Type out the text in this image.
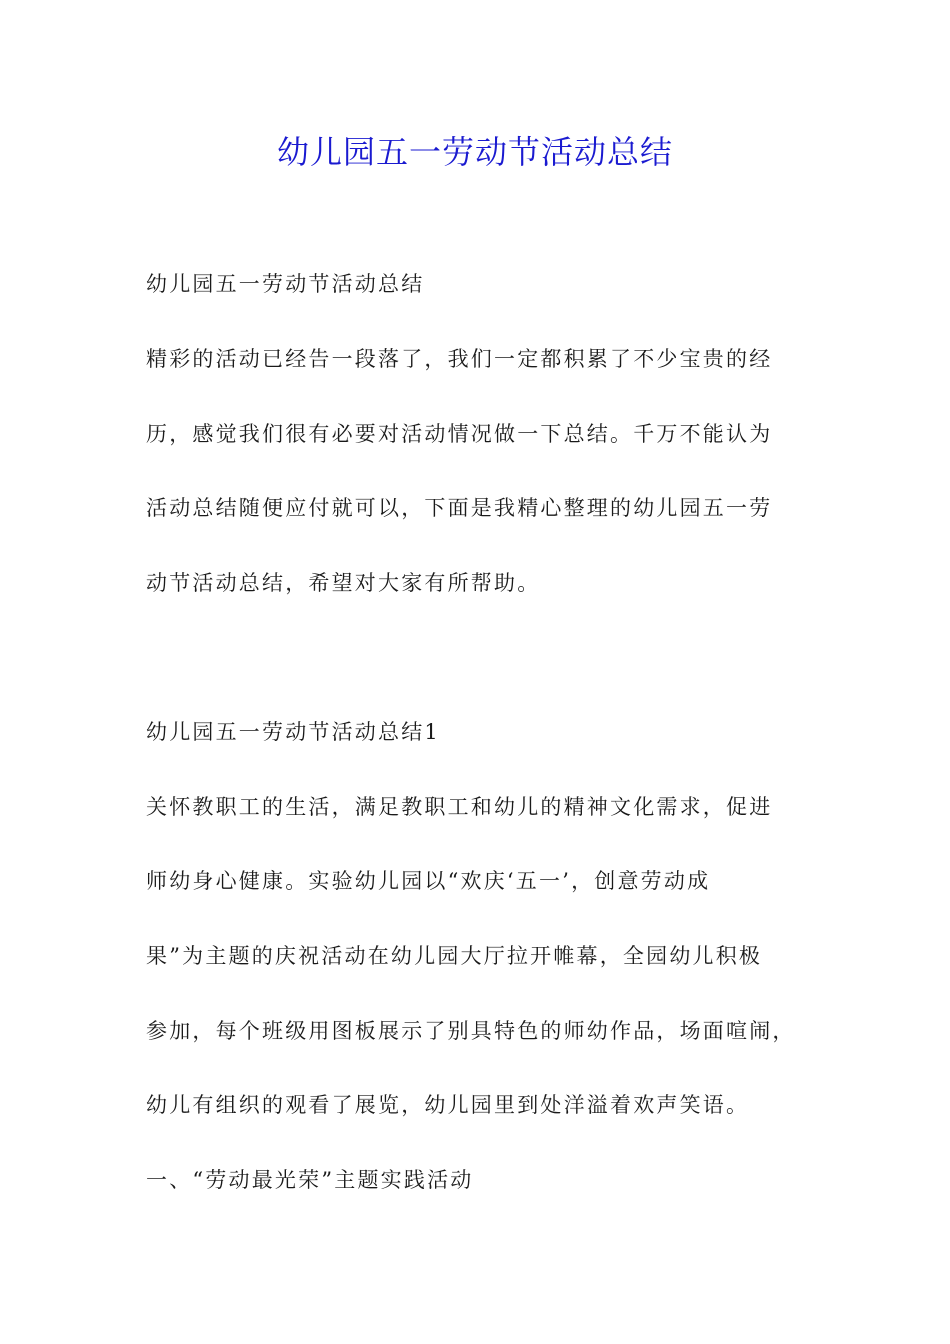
幼儿园五一劳动节活动总结
幼儿园五一劳动节活动总结
精彩的活动已经告一段落了，我们一定都积累了不少宝贵的经
历，感觉我们很有必要对活动情况做一下总结。千万不能认为
活动总结随便应付就可以，下面是我精心整理的幼儿园五一劳
动节活动总结，希望对大家有所帮助。
幼儿园五一劳动节活动总结1
关怀教职工的生活，满足教职工和幼儿的精神文化需求，促进
师幼身心健康。实验幼儿园以“欢庆‘五一’，创意劳动成
果”为主题的庆祝活动在幼儿园大厅拉开帷幕，全园幼儿积极
参加，每个班级用图板展示了别具特色的师幼作品，场面喧闹，
幼儿有组织的观看了展览，幼儿园里到处洋溢着欢声笑语。
一、“劳动最光荣”主题实践活动
